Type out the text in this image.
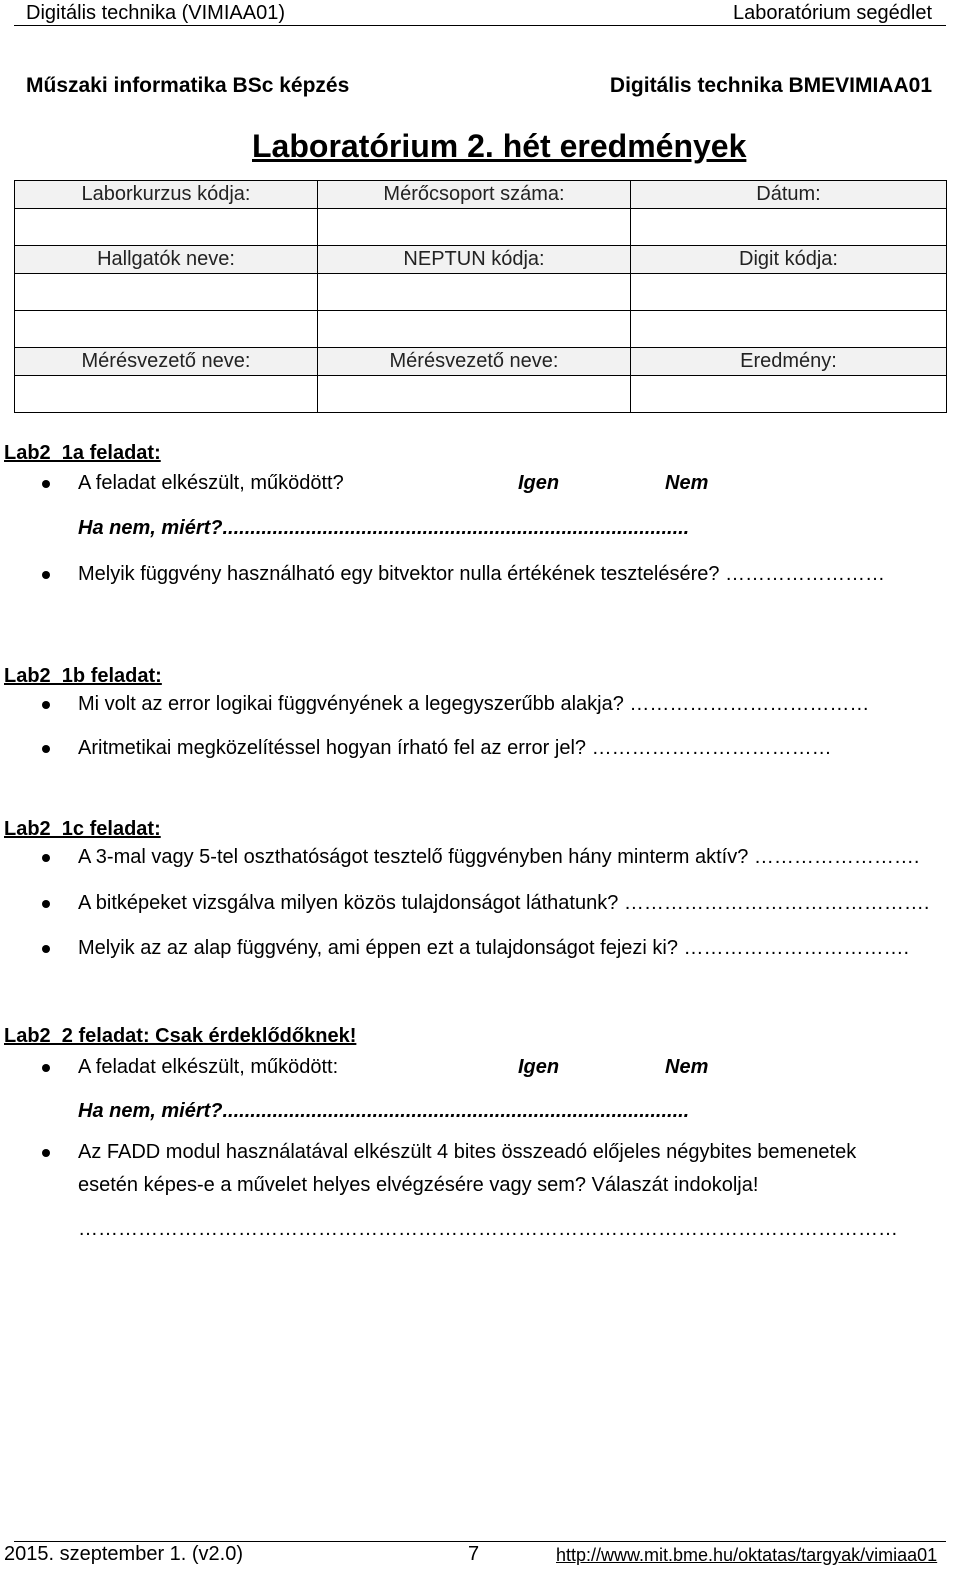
Digitális technika (VIMIAA01)	Laboratórium segédlet
Műszaki informatika BSc képzés	Digitális technika BMEVIMIAA01
Laboratórium 2. hét eredmények
Laborkurzus kódja:	Mérőcsoport száma:	Dátum:

Hallgatók neve:	NEPTUN kódja:	Digit kódja:

Mérésvezető neve:	Mérésvezető neve:	Eredmény:

Lab2_1a feladat:
A feladat elkészült, működött?	Igen	Nem
Ha nem, miért?....................................................................................
Melyik függvény használható egy bitvektor nulla értékének tesztelésére? ……………………
Lab2_1b feladat:
Mi volt az error logikai függvényének a legegyszerűbb alakja? ………………………………
Aritmetikai megközelítéssel hogyan írható fel az error jel? ………………………………
Lab2_1c feladat:
A 3-mal vagy 5-tel oszthatóságot tesztelő függvényben hány minterm aktív? …………………….
A bitképeket vizsgálva milyen közös tulajdonságot láthatunk? ……………………………………….
Melyik az az alap függvény, ami éppen ezt a tulajdonságot fejezi ki? …………………………….
Lab2_2 feladat: Csak érdeklődőknek!
A feladat elkészült, működött:	Igen	Nem
Ha nem, miért?....................................................................................
Az FADD modul használatával elkészült 4 bites összeadó előjeles négybites bemenetek
esetén képes-e a művelet helyes elvégzésére vagy sem? Válaszát indokolja!
……………………………………………………………………………………………………………
2015. szeptember 1. (v2.0)	7	http://www.mit.bme.hu/oktatas/targyak/vimiaa01
